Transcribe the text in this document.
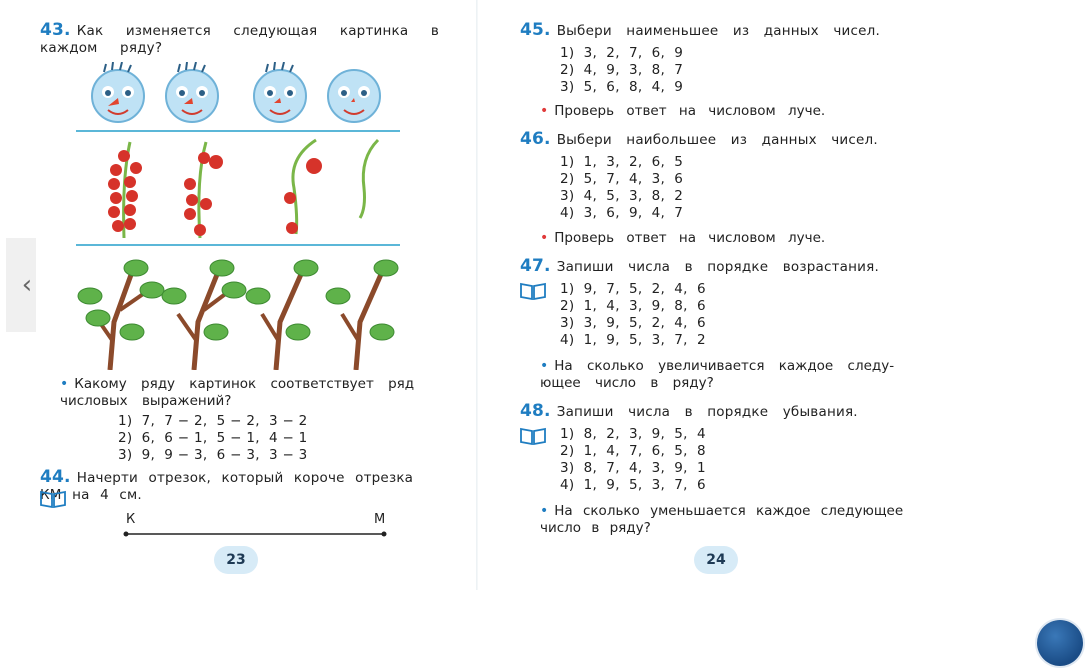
‹
43. Как изменяется следующая картинка в каждом ряду?
• Какому ряду картинок соответствует ряд числовых выражений?
1)  7,  7 − 2,  5 − 2,  3 − 2
2)  6,  6 − 1,  5 − 1,  4 − 1
3)  9,  9 − 3,  6 − 3,  3 − 3
44. Начерти отрезок, который короче отрезка КМ на 4 см.
К	М
23
45. Выбери наименьшее из данных чисел.
1)  3,  2,  7,  6,  9
2)  4,  9,  3,  8,  7
3)  5,  6,  8,  4,  9
• Проверь ответ на числовом луче.
46. Выбери наибольшее из данных чисел.
1)  1,  3,  2,  6,  5
2)  5,  7,  4,  3,  6
3)  4,  5,  3,  8,  2
4)  3,  6,  9,  4,  7
• Проверь ответ на числовом луче.
47. Запиши числа в порядке возрастания.
1)  9,  7,  5,  2,  4,  6
2)  1,  4,  3,  9,  8,  6
3)  3,  9,  5,  2,  4,  6
4)  1,  9,  5,  3,  7,  2
• На сколько увеличивается каждое следу-ющее число в ряду?
48. Запиши числа в порядке убывания.
1)  8,  2,  3,  9,  5,  4
2)  1,  4,  7,  6,  5,  8
3)  8,  7,  4,  3,  9,  1
4)  1,  9,  5,  3,  7,  6
• На сколько уменьшается каждое следующее число в ряду?
24
